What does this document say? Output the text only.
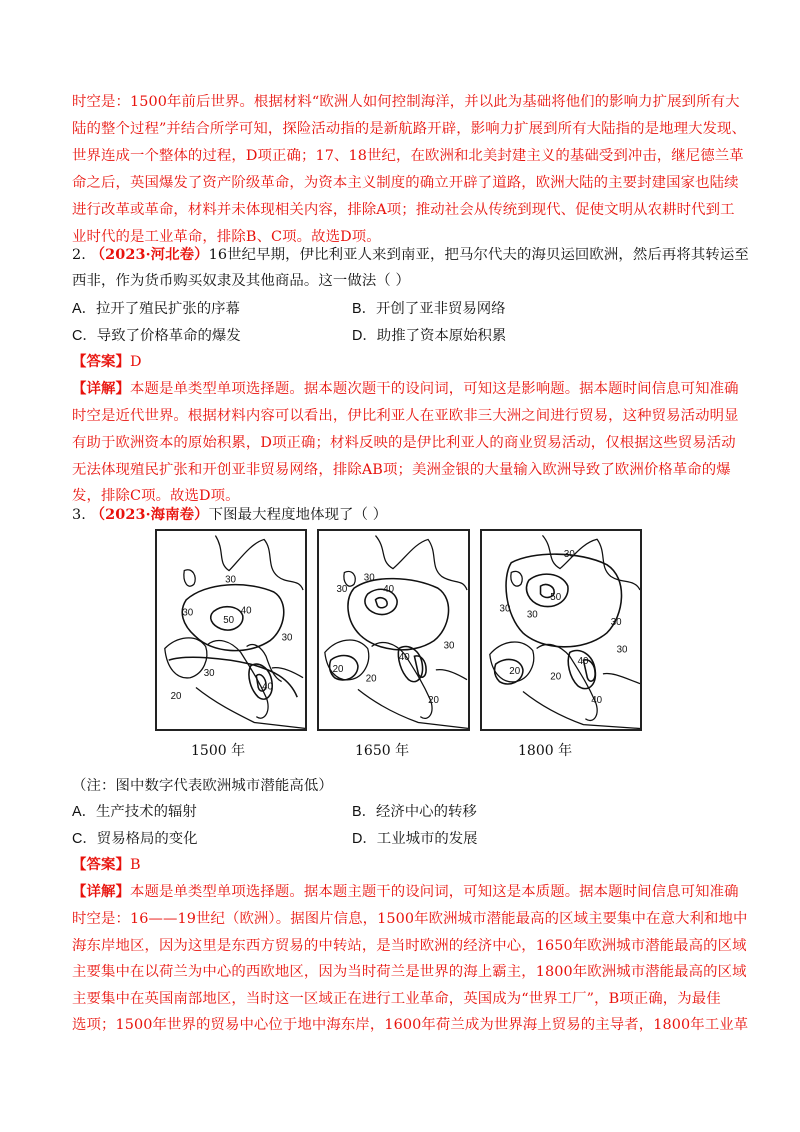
时空是：1500年前后世界。根据材料“欧洲人如何控制海洋，并以此为基础将他们的影响力扩展到所有大
陆的整个过程”并结合所学可知，探险活动指的是新航路开辟，影响力扩展到所有大陆指的是地理大发现、
世界连成一个整体的过程，D项正确；17、18世纪，在欧洲和北美封建主义的基础受到冲击，继尼德兰革
命之后，英国爆发了资产阶级革命，为资本主义制度的确立开辟了道路，欧洲大陆的主要封建国家也陆续
进行改革或革命，材料并未体现相关内容，排除A项；推动社会从传统到现代、促使文明从农耕时代到工
业时代的是工业革命，排除B、C项。故选D项。
2. （2023·河北卷）16世纪早期，伊比利亚人来到南亚，把马尔代夫的海贝运回欧洲，然后再将其转运至
西非，作为货币购买奴隶及其他商品。这一做法（ ）
A．拉开了殖民扩张的序幕	B．开创了亚非贸易网络
C．导致了价格革命的爆发	D．助推了资本原始积累
【答案】D
【详解】本题是单类型单项选择题。据本题次题干的设问词，可知这是影响题。据本题时间信息可知准确
时空是近代世界。根据材料内容可以看出，伊比利亚人在亚欧非三大洲之间进行贸易，这种贸易活动明显
有助于欧洲资本的原始积累，D项正确；材料反映的是伊比利亚人的商业贸易活动，仅根据这些贸易活动
无法体现殖民扩张和开创亚非贸易网络，排除AB项；美洲金银的大量输入欧洲导致了欧洲价格革命的爆
发，排除C项。故选D项。
3. （2023·海南卷）下图最大程度地体现了（ ）
30
30	40
50
30
30
20
40
30
30	40
20
20
40
30
20
30
30
50
30
40
20
20
40
30
30
1500 年	1650 年	1800 年
（注：图中数字代表欧洲城市潜能高低）
A．生产技术的辐射	B．经济中心的转移
C．贸易格局的变化	D．工业城市的发展
【答案】B
【详解】本题是单类型单项选择题。据本题主题干的设问词，可知这是本质题。据本题时间信息可知准确
时空是：16——19世纪（欧洲）。据图片信息，1500年欧洲城市潜能最高的区域主要集中在意大利和地中
海东岸地区，因为这里是东西方贸易的中转站，是当时欧洲的经济中心，1650年欧洲城市潜能最高的区域
主要集中在以荷兰为中心的西欧地区，因为当时荷兰是世界的海上霸主，1800年欧洲城市潜能最高的区域
主要集中在英国南部地区，当时这一区域正在进行工业革命，英国成为“世界工厂”，B项正确，为最佳
选项；1500年世界的贸易中心位于地中海东岸，1600年荷兰成为世界海上贸易的主导者，1800年工业革
